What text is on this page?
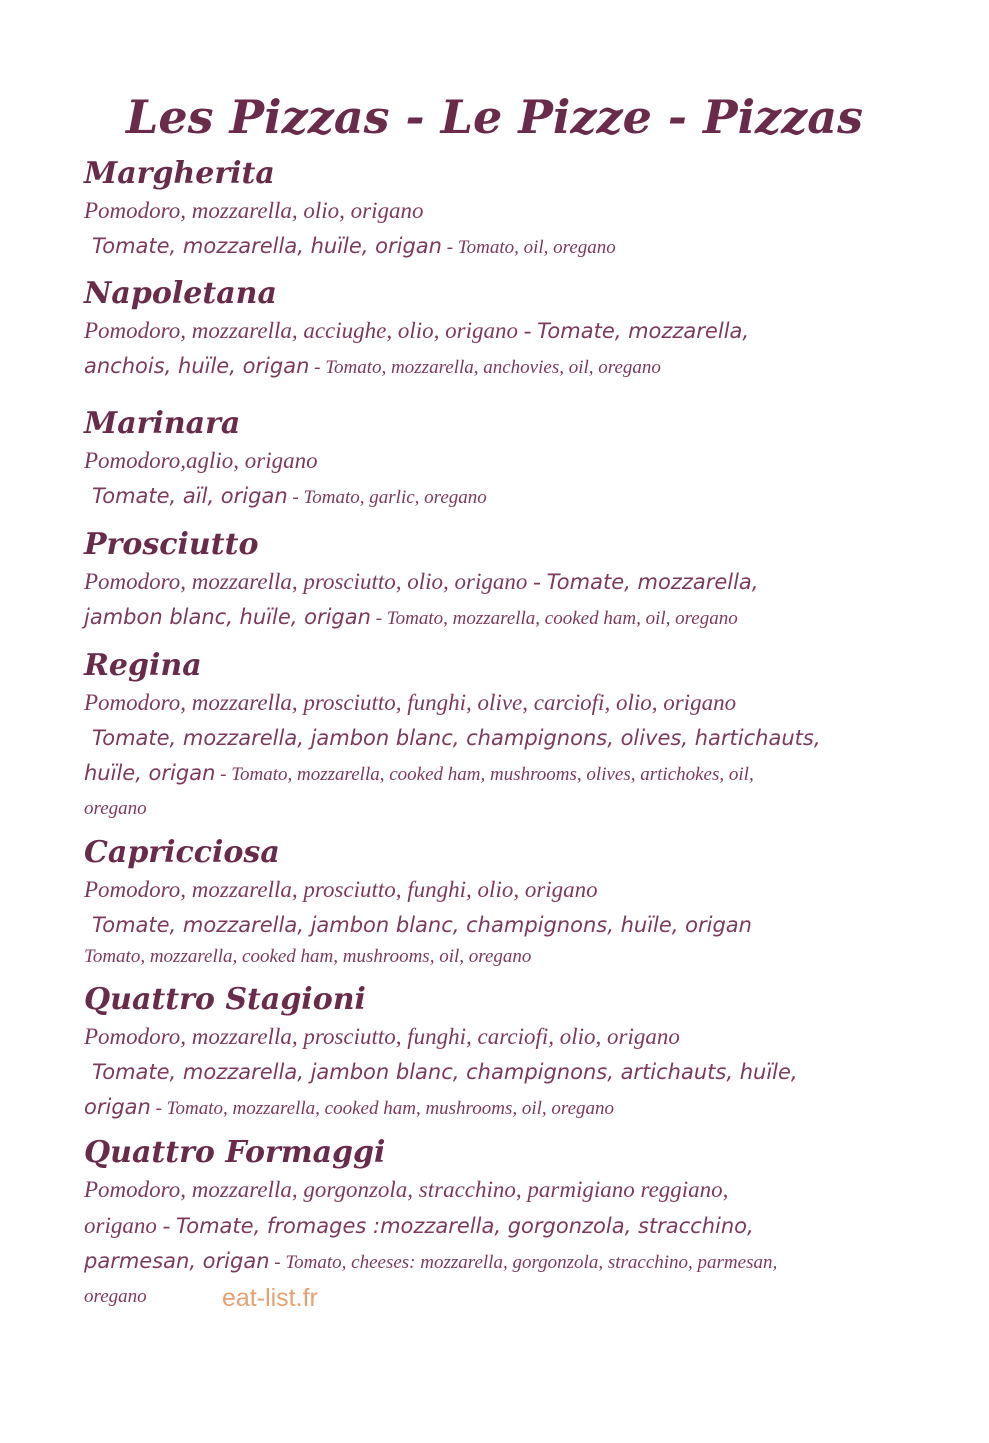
Les Pizzas - Le Pizze - Pizzas
Margherita
Pomodoro, mozzarella, olio, origano
Tomate, mozzarella, huïle, origan - Tomato, oil, oregano
Napoletana
Pomodoro, mozzarella, acciughe, olio, origano - Tomate, mozzarella,
anchois, huïle, origan - Tomato, mozzarella, anchovies, oil, oregano
Marinara
Pomodoro,aglio, origano
Tomate, aïl, origan - Tomato, garlic, oregano
Prosciutto
Pomodoro, mozzarella, prosciutto, olio, origano - Tomate, mozzarella,
jambon blanc, huïle, origan - Tomato, mozzarella, cooked ham, oil, oregano
Regina
Pomodoro, mozzarella, prosciutto, funghi, olive, carciofi, olio, origano
Tomate, mozzarella, jambon blanc, champignons, olives, hartichauts,
huïle, origan - Tomato, mozzarella, cooked ham, mushrooms, olives, artichokes, oil,
oregano
Capricciosa
Pomodoro, mozzarella, prosciutto, funghi, olio, origano
Tomate, mozzarella, jambon blanc, champignons, huïle, origan
Tomato, mozzarella, cooked ham, mushrooms, oil, oregano
Quattro Stagioni
Pomodoro, mozzarella, prosciutto, funghi, carciofi, olio, origano
Tomate, mozzarella, jambon blanc, champignons, artichauts, huïle,
origan - Tomato, mozzarella, cooked ham, mushrooms, oil, oregano
Quattro Formaggi
Pomodoro, mozzarella, gorgonzola, stracchino, parmigiano reggiano,
origano - Tomate, fromages :mozzarella, gorgonzola, stracchino,
parmesan, origan - Tomato, cheeses: mozzarella, gorgonzola, stracchino, parmesan,
oregano	eat-list.fr
